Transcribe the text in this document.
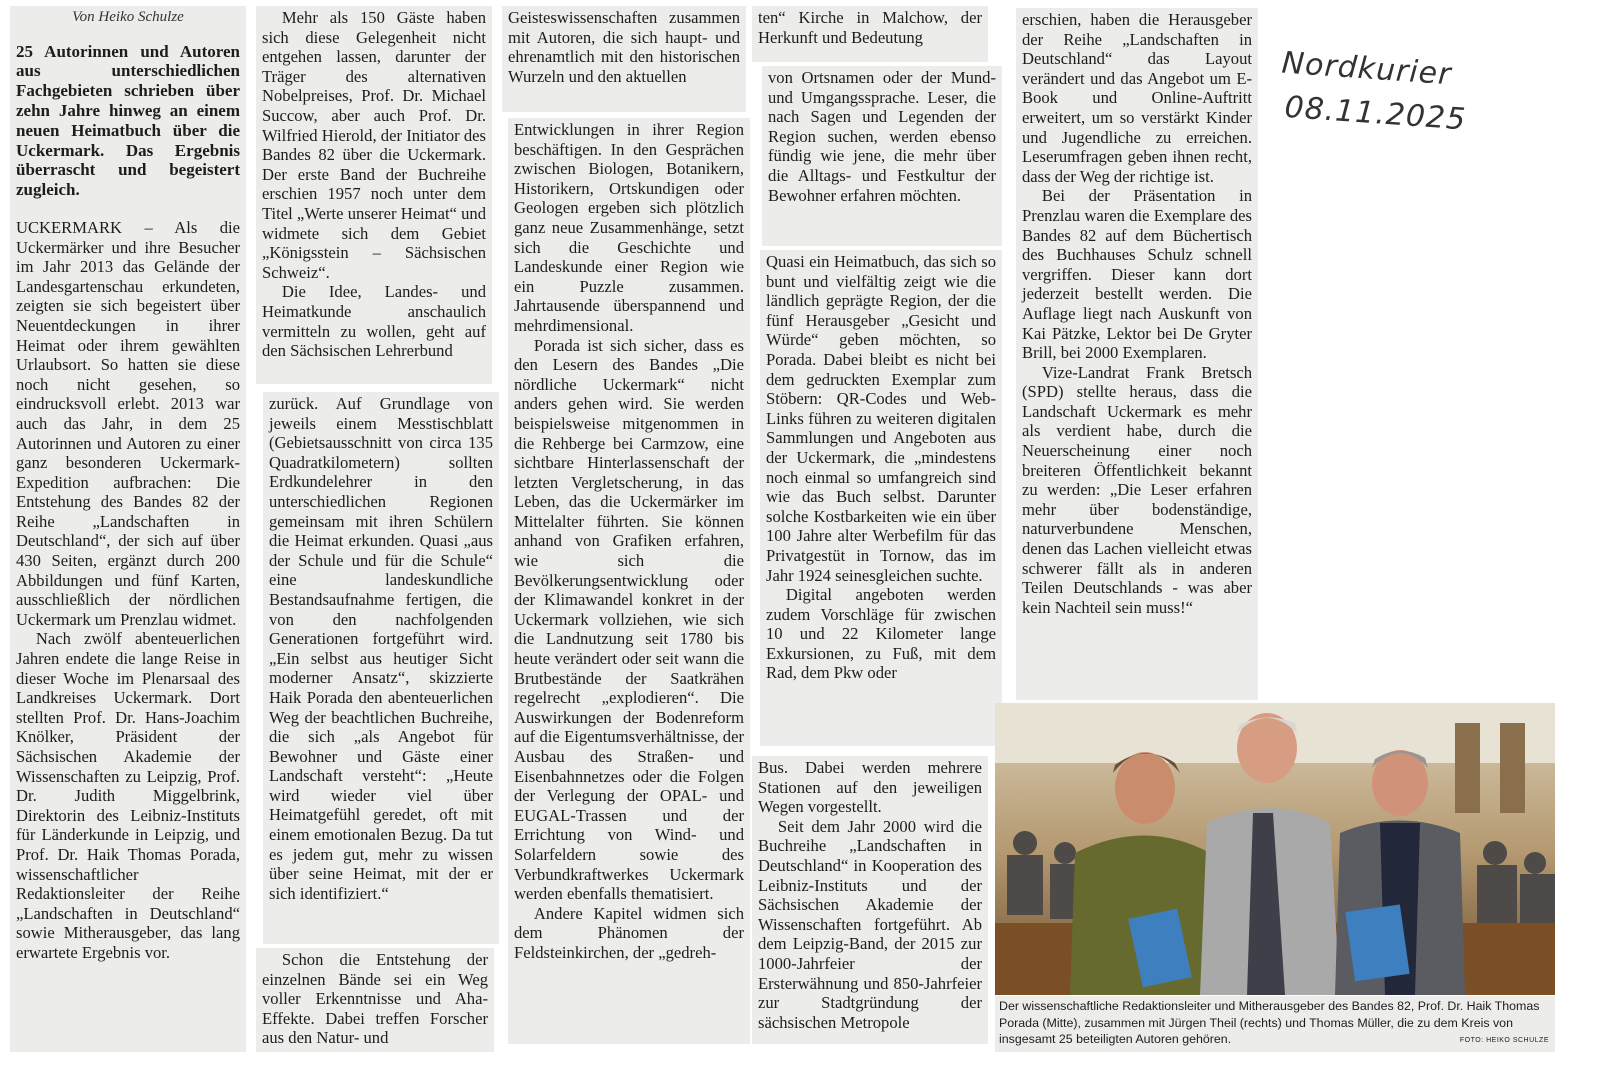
Von Heiko Schulze

25 Autorinnen und Autoren aus unterschiedlichen Fachgebieten schrieben über zehn Jahre hinweg an einem neuen Heimatbuch über die Uckermark. Das Ergebnis überrascht und begeistert zugleich.

UCKERMARK – Als die Uckermärker und ihre Besucher im Jahr 2013 das Gelände der Landesgartenschau erkundeten, zeigten sie sich begeistert über Neuentdeckungen in ihrer Heimat oder ihrem gewählten Urlaubsort. So hatten sie diese noch nicht gesehen, so eindrucksvoll erlebt. 2013 war auch das Jahr, in dem 25 Autorinnen und Autoren zu einer ganz besonderen Uckermark-Expedition aufbrachen: Die Entstehung des Bandes 82 der Reihe „Landschaften in Deutschland“, der sich auf über 430 Seiten, ergänzt durch 200 Abbildungen und fünf Karten, ausschließlich der nördlichen Uckermark um Prenzlau widmet.

Nach zwölf abenteuerlichen Jahren endete die lange Reise in dieser Woche im Plenarsaal des Landkreises Uckermark. Dort stellten Prof. Dr. Hans-Joachim Knölker, Präsident der Sächsischen Akademie der Wissenschaften zu Leipzig, Prof. Dr. Judith Miggelbrink, Direktorin des Leibniz-Instituts für Länderkunde in Leipzig, und Prof. Dr. Haik Thomas Porada, wissenschaftlicher Redaktionsleiter der Reihe „Landschaften in Deutschland“ sowie Mitherausgeber, das lang erwartete Ergebnis vor.

Mehr als 150 Gäste haben sich diese Gelegenheit nicht entgehen lassen, darunter der Träger des alternativen Nobelpreises, Prof. Dr. Michael Succow, aber auch Prof. Dr. Wilfried Hierold, der Initiator des Bandes 82 über die Uckermark. Der erste Band der Buchreihe erschien 1957 noch unter dem Titel „Werte unserer Heimat“ und widmete sich dem Gebiet „Königsstein – Sächsischen Schweiz“.

Die Idee, Landes- und Heimatkunde anschaulich vermitteln zu wollen, geht auf den Sächsischen Lehrerbund

zurück. Auf Grundlage von jeweils einem Messtischblatt (Gebietsausschnitt von circa 135 Quadratkilometern) sollten Erdkundelehrer in den unterschiedlichen Regionen gemeinsam mit ihren Schülern die Heimat erkunden. Quasi „aus der Schule und für die Schule“ eine landeskundliche Bestandsaufnahme fertigen, die von den nachfolgenden Generationen fortgeführt wird. „Ein selbst aus heutiger Sicht moderner Ansatz“, skizzierte Haik Porada den abenteuerlichen Weg der beachtlichen Buchreihe, die sich „als Angebot für Bewohner und Gäste einer Landschaft versteht“: „Heute wird wieder viel über Heimatgefühl geredet, oft mit einem emotionalen Bezug. Da tut es jedem gut, mehr zu wissen über seine Heimat, mit der er sich identifiziert.“

Schon die Entstehung der einzelnen Bände sei ein Weg voller Erkenntnisse und Aha-Effekte. Dabei treffen Forscher aus den Natur- und

Geisteswissenschaften zusammen mit Autoren, die sich haupt- und ehrenamtlich mit den historischen Wurzeln und den aktuellen

Entwicklungen in ihrer Region beschäftigen. In den Gesprächen zwischen Biologen, Botanikern, Historikern, Ortskundigen oder Geologen ergeben sich plötzlich ganz neue Zusammenhänge, setzt sich die Geschichte und Landeskunde einer Region wie ein Puzzle zusammen. Jahrtausende überspannend und mehrdimensional.

Porada ist sich sicher, dass es den Lesern des Bandes „Die nördliche Uckermark“ nicht anders gehen wird. Sie werden beispielsweise mitgenommen in die Rehberge bei Carmzow, eine sichtbare Hinterlassenschaft der letzten Vergletscherung, in das Leben, das die Uckermärker im Mittelalter führten. Sie können anhand von Grafiken erfahren, wie sich die Bevölkerungsentwicklung oder der Klimawandel konkret in der Uckermark vollziehen, wie sich die Landnutzung seit 1780 bis heute verändert oder seit wann die Brutbestände der Saatkrähen regelrecht „explodieren“. Die Auswirkungen der Bodenreform auf die Eigentumsverhältnisse, der Ausbau des Straßen- und Eisenbahnnetzes oder die Folgen der Verlegung der OPAL- und EUGAL-Trassen und der Errichtung von Wind- und Solarfeldern sowie des Verbundkraftwerkes Uckermark werden ebenfalls thematisiert.

Andere Kapitel widmen sich dem Phänomen der Feldsteinkirchen, der „gedreh-

ten“ Kirche in Malchow, der Herkunft und Bedeutung

von Ortsnamen oder der Mund- und Umgangssprache. Leser, die nach Sagen und Legenden der Region suchen, werden ebenso fündig wie jene, die mehr über die Alltags- und Festkultur der Bewohner erfahren möchten.

Quasi ein Heimatbuch, das sich so bunt und vielfältig zeigt wie die ländlich geprägte Region, der die fünf Herausgeber „Gesicht und Würde“ geben möchten, so Porada. Dabei bleibt es nicht bei dem gedruckten Exemplar zum Stöbern: QR-Codes und Web-Links führen zu weiteren digitalen Sammlungen und Angeboten aus der Uckermark, die „mindestens noch einmal so umfangreich sind wie das Buch selbst. Darunter solche Kostbarkeiten wie ein über 100 Jahre alter Werbefilm für das Privatgestüt in Tornow, das im Jahr 1924 seinesgleichen suchte.

Digital angeboten werden zudem Vorschläge für zwischen 10 und 22 Kilometer lange Exkursionen, zu Fuß, mit dem Rad, dem Pkw oder

Bus. Dabei werden mehrere Stationen auf den jeweiligen Wegen vorgestellt.

Seit dem Jahr 2000 wird die Buchreihe „Landschaften in Deutschland“ in Kooperation des Leibniz-Instituts und der Sächsischen Akademie der Wissenschaften fortgeführt. Ab dem Leipzig-Band, der 2015 zur 1000-Jahrfeier der Ersterwähnung und 850-Jahrfeier zur Stadtgründung der sächsischen Metropole

erschien, haben die Herausgeber der Reihe „Landschaften in Deutschland“ das Layout verändert und das Angebot um E-Book und Online-Auftritt erweitert, um so verstärkt Kinder und Jugendliche zu erreichen. Leserumfragen geben ihnen recht, dass der Weg der richtige ist.

Bei der Präsentation in Prenzlau waren die Exemplare des Bandes 82 auf dem Büchertisch des Buchhauses Schulz schnell vergriffen. Dieser kann dort jederzeit bestellt werden. Die Auflage liegt nach Auskunft von Kai Pätzke, Lektor bei De Gryter Brill, bei 2000 Exemplaren.

Vize-Landrat Frank Bretsch (SPD) stellte heraus, dass die Landschaft Uckermark es mehr als verdient habe, durch die Neuerscheinung einer noch breiteren Öffentlichkeit bekannt zu werden: „Die Leser erfahren mehr über bodenständige, naturverbundene Menschen, denen das Lachen vielleicht etwas schwerer fällt als in anderen Teilen Deutschlands - was aber kein Nachteil sein muss!“

Nordkurier
08.11.2025
Der wissenschaftliche Redaktionsleiter und Mitherausgeber des Bandes 82, Prof. Dr. Haik Thomas Porada (Mitte), zusammen mit Jürgen Theil (rechts) und Thomas Müller, die zu dem Kreis von insgesamt 25 beteiligten Autoren gehören.	FOTO: HEIKO SCHULZE
